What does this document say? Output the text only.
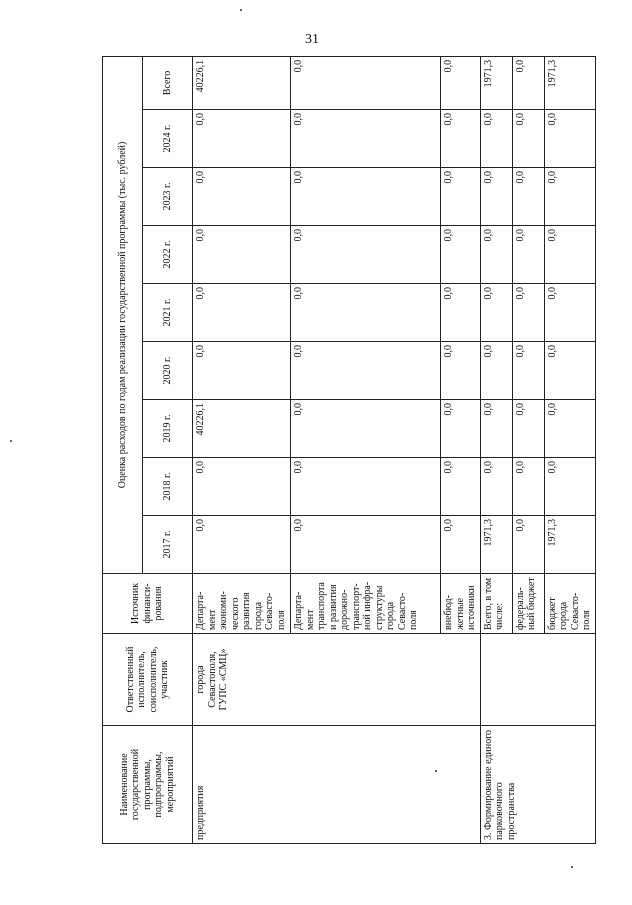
31
Наименование государственной программы, подпрограммы, мероприятий	Ответственный исполнитель, соисполнитель, участник	Источник финанси-рования	Оценка расходов по годам реализации государственной программы (тыс. рублей)								
			2017 г.	2018 г.	2019 г.	2020 г.	2021 г.	2022 г.	2023 г.	2024 г.	Всего
предприятия	города Севастополя, ГУПС «СМЦ»	Департа-мент экономи-ческого развития города Севасто-поля	0,0	0,0	40226,1	0,0	0,0	0,0	0,0	0,0	40226,1
		Департа-мент транспорта и развития дорожно-транспорт-ной инфра-структуры города Севасто-поля	0,0	0,0	0,0	0,0	0,0	0,0	0,0	0,0	0,0
		внебюд-жетные источники	0,0	0,0	0,0	0,0	0,0	0,0	0,0	0,0	0,0
3. Формирование единого парковочного пространства		Всего, в том числе:	1971,3	0,0	0,0	0,0	0,0	0,0	0,0	0,0	1971,3
		федераль-ный бюджет	0,0	0,0	0,0	0,0	0,0	0,0	0,0	0,0	0,0
		бюджет города Севасто-поля	1971,3	0,0	0,0	0,0	0,0	0,0	0,0	0,0	1971,3
